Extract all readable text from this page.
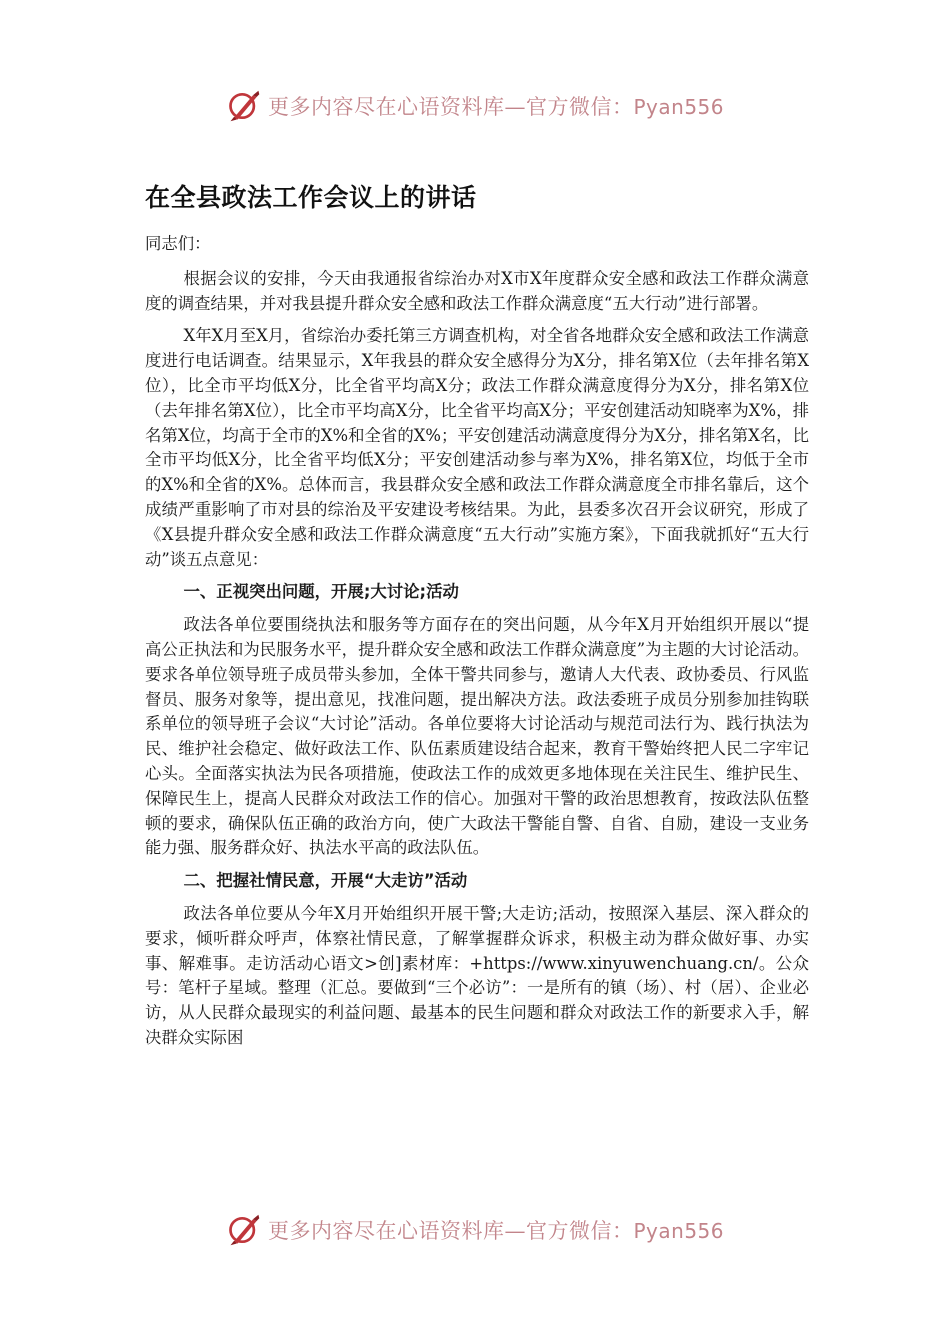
更多内容尽在心语资料库—官方微信：Pyan556
在全县政法工作会议上的讲话

同志们：

根据会议的安排，今天由我通报省综治办对X市X年度群众安全感和政法工作群众满意度的调查结果，并对我县提升群众安全感和政法工作群众满意度“五大行动”进行部署。

X年X月至X月，省综治办委托第三方调查机构，对全省各地群众安全感和政法工作满意度进行电话调查。结果显示，X年我县的群众安全感得分为X分，排名第X位（去年排名第X位），比全市平均低X分，比全省平均高X分；政法工作群众满意度得分为X分，排名第X位（去年排名第X位），比全市平均高X分，比全省平均高X分；平安创建活动知晓率为X%，排名第X位，均高于全市的X%和全省的X%；平安创建活动满意度得分为X分，排名第X名，比全市平均低X分，比全省平均低X分；平安创建活动参与率为X%，排名第X位，均低于全市的X%和全省的X%。总体而言，我县群众安全感和政法工作群众满意度全市排名靠后，这个成绩严重影响了市对县的综治及平安建设考核结果。为此，县委多次召开会议研究，形成了《X县提升群众安全感和政法工作群众满意度“五大行动”实施方案》，下面我就抓好“五大行动”谈五点意见：

一、正视突出问题，开展;大讨论;活动

政法各单位要围绕执法和服务等方面存在的突出问题，从今年X月开始组织开展以“提高公正执法和为民服务水平，提升群众安全感和政法工作群众满意度”为主题的大讨论活动。要求各单位领导班子成员带头参加，全体干警共同参与，邀请人大代表、政协委员、行风监督员、服务对象等，提出意见，找准问题，提出解决方法。政法委班子成员分别参加挂钩联系单位的领导班子会议“大讨论”活动。各单位要将大讨论活动与规范司法行为、践行执法为民、维护社会稳定、做好政法工作、队伍素质建设结合起来，教育干警始终把人民二字牢记心头。全面落实执法为民各项措施，使政法工作的成效更多地体现在关注民生、维护民生、保障民生上，提高人民群众对政法工作的信心。加强对干警的政治思想教育，按政法队伍整顿的要求，确保队伍正确的政治方向，使广大政法干警能自警、自省、自励，建设一支业务能力强、服务群众好、执法水平高的政法队伍。

二、把握社情民意，开展“大走访”活动

政法各单位要从今年X月开始组织开展干警;大走访;活动，按照深入基层、深入群众的要求，倾听群众呼声，体察社情民意，了解掌握群众诉求，积极主动为群众做好事、办实事、解难事。走访活动心语文>创]素材库：+https://www.xinyuwenchuang.cn/。公众号：笔杆子星域。整理（汇总。要做到“三个必访”：一是所有的镇（场）、村（居）、企业必访，从人民群众最现实的利益问题、最基本的民生问题和群众对政法工作的新要求入手，解决群众实际困

更多内容尽在心语资料库—官方微信：Pyan556
